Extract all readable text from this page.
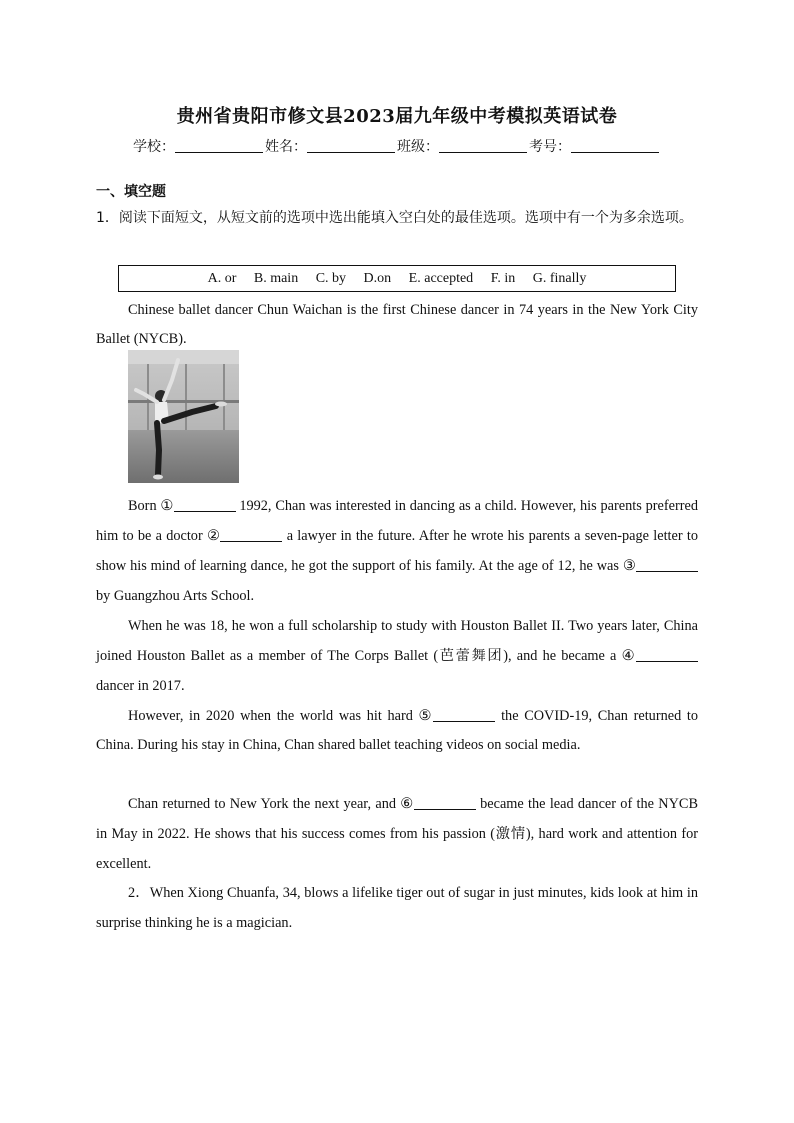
贵州省贵阳市修文县2023届九年级中考模拟英语试卷
学校：	姓名：	班级：	考号：
一、填空题
1．阅读下面短文，从短文前的选项中选出能填入空白处的最佳选项。选项中有一个为多余选项。
A. or B. main C. by D.on E. accepted F. in G. finally
Chinese ballet dancer Chun Waichan is the first Chinese dancer in 74 years in the New York City Ballet (NYCB).
Born ①	1992, Chan was interested in dancing as a child. However, his parents preferred him to be a doctor ②	a lawyer in the future. After he wrote his parents a seven-page letter to show his mind of learning dance, he got the support of his family. At the age of 12, he was ③ by Guangzhou Arts School.
When he was 18, he won a full scholarship to study with Houston Ballet II. Two years later, China joined Houston Ballet as a member of The Corps Ballet (芭蕾舞团), and he became a ④ dancer in 2017.
However, in 2020 when the world was hit hard ⑤	the COVID-19, Chan returned to China. During his stay in China, Chan shared ballet teaching videos on social media.
Chan returned to New York the next year, and ⑥	became the lead dancer of the NYCB in May in 2022. He shows that his success comes from his passion (激情), hard work and attention for excellent.
2．When Xiong Chuanfa, 34, blows a lifelike tiger out of sugar in just minutes, kids look at him in surprise thinking he is a magician.
